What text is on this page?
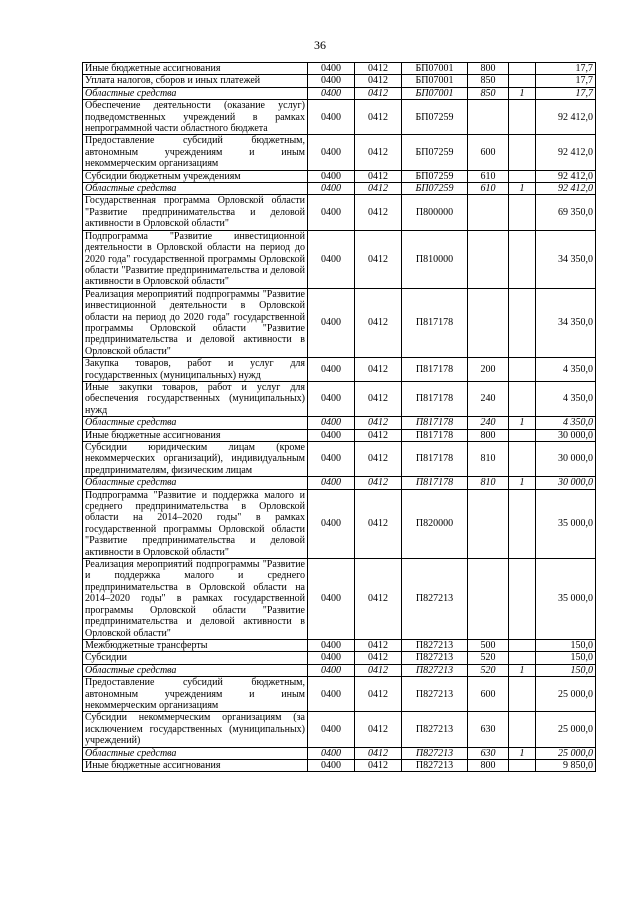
36
Иные бюджетные ассигнования	0400	0412	БП07001	800		17,7
Уплата налогов, сборов и иных платежей	0400	0412	БП07001	850		17,7
Областные средства	0400	0412	БП07001	850	1	17,7
Обеспечение деятельности (оказание услуг) подведомственных учреждений в рамках непрограммной части областного бюджета	0400	0412	БП07259			92 412,0
Предоставление субсидий бюджетным, автономным учреждениям и иным некоммерческим организациям	0400	0412	БП07259	600		92 412,0
Субсидии бюджетным учреждениям	0400	0412	БП07259	610		92 412,0
Областные средства	0400	0412	БП07259	610	1	92 412,0
Государственная программа Орловской области "Развитие предпринимательства и деловой активности в Орловской области"	0400	0412	П800000			69 350,0
Подпрограмма "Развитие инвестиционной деятельности в Орловской области на период до 2020 года" государственной программы Орловской области "Развитие предпринимательства и деловой активности в Орловской области"	0400	0412	П810000			34 350,0
Реализация мероприятий подпрограммы "Развитие инвестиционной деятельности в Орловской области на период до 2020 года" государственной программы Орловской области "Развитие предпринимательства и деловой активности в Орловской области"	0400	0412	П817178			34 350,0
Закупка товаров, работ и услуг для государственных (муниципальных) нужд	0400	0412	П817178	200		4 350,0
Иные закупки товаров, работ и услуг для обеспечения государственных (муниципальных) нужд	0400	0412	П817178	240		4 350,0
Областные средства	0400	0412	П817178	240	1	4 350,0
Иные бюджетные ассигнования	0400	0412	П817178	800		30 000,0
Субсидии юридическим лицам (кроме некоммерческих организаций), индивидуальным предпринимателям, физическим лицам	0400	0412	П817178	810		30 000,0
Областные средства	0400	0412	П817178	810	1	30 000,0
Подпрограмма "Развитие и поддержка малого и среднего предпринимательства в Орловской области на 2014–2020 годы" в рамках государственной программы Орловской области "Развитие предпринимательства и деловой активности в Орловской области"	0400	0412	П820000			35 000,0
Реализация мероприятий подпрограммы "Развитие и поддержка малого и среднего предпринимательства в Орловской области на 2014–2020 годы" в рамках государственной программы Орловской области "Развитие предпринимательства и деловой активности в Орловской области"	0400	0412	П827213			35 000,0
Межбюджетные трансферты	0400	0412	П827213	500		150,0
Субсидии	0400	0412	П827213	520		150,0
Областные средства	0400	0412	П827213	520	1	150,0
Предоставление субсидий бюджетным, автономным учреждениям и иным некоммерческим организациям	0400	0412	П827213	600		25 000,0
Субсидии некоммерческим организациям (за исключением государственных (муниципальных) учреждений)	0400	0412	П827213	630		25 000,0
Областные средства	0400	0412	П827213	630	1	25 000,0
Иные бюджетные ассигнования	0400	0412	П827213	800		9 850,0
